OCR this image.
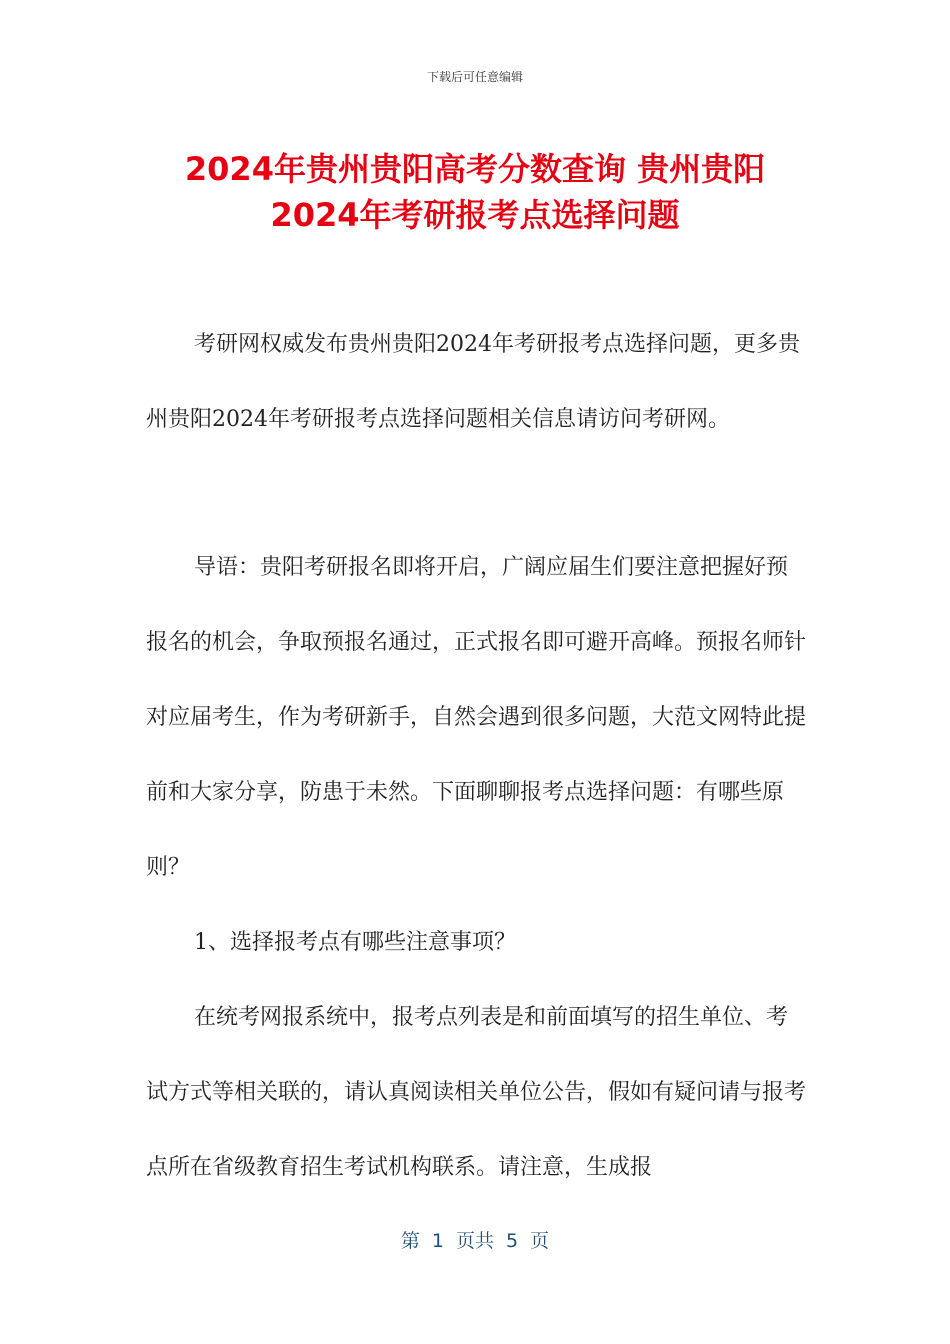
下载后可任意编辑
2024年贵州贵阳高考分数查询 贵州贵阳
2024年考研报考点选择问题

考研网权威发布贵州贵阳2024年考研报考点选择问题，更多贵州贵阳2024年考研报考点选择问题相关信息请访问考研网。

导语：贵阳考研报名即将开启，广阔应届生们要注意把握好预报名的机会，争取预报名通过，正式报名即可避开高峰。预报名师针对应届考生，作为考研新手，自然会遇到很多问题，大范文网特此提前和大家分享，防患于未然。下面聊聊报考点选择问题：有哪些原则？

1、选择报考点有哪些注意事项？

在统考网报系统中，报考点列表是和前面填写的招生单位、考试方式等相关联的，请认真阅读相关单位公告，假如有疑问请与报考点所在省级教育招生考试机构联系。请注意，生成报

第 1 页共 5 页
